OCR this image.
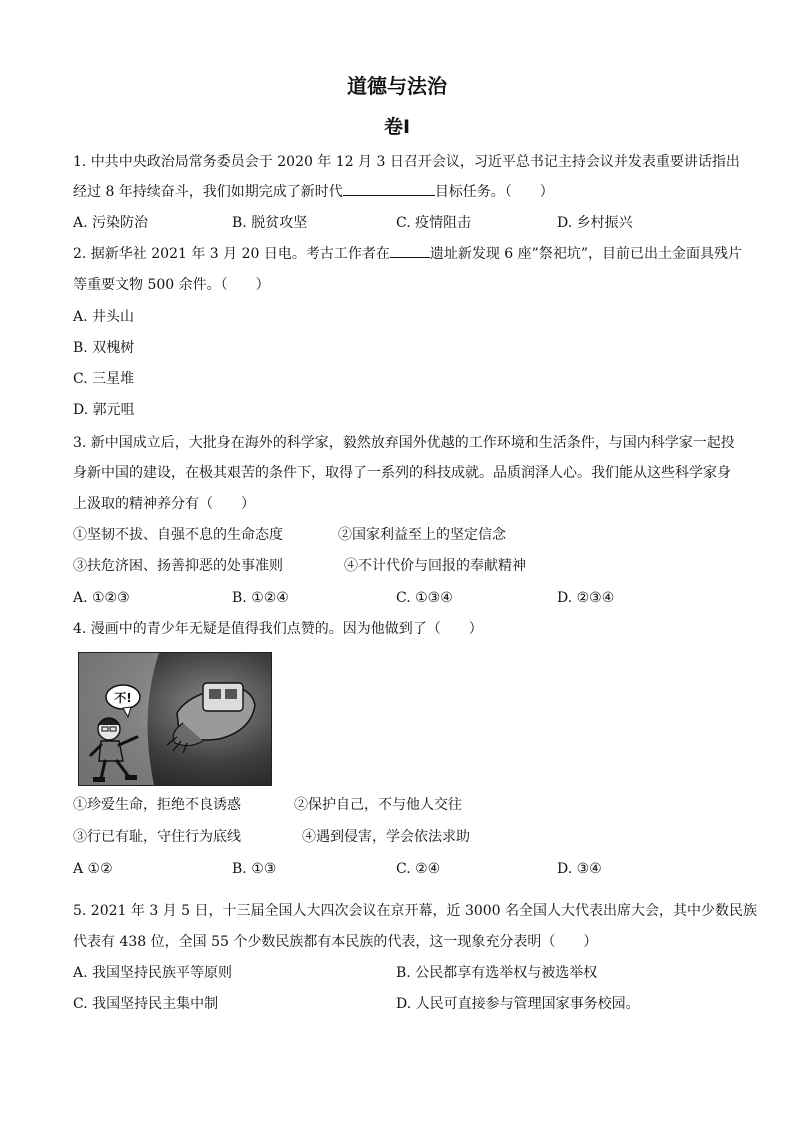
道德与法治
卷I
1. 中共中央政治局常务委员会于 2020 年 12 月 3 日召开会议，习近平总书记主持会议并发表重要讲话指出
经过 8 年持续奋斗，我们如期完成了新时代	目标任务。（　　）
A. 污染防治	B. 脱贫攻坚	C. 疫情阻击	D. 乡村振兴
2. 据新华社 2021 年 3 月 20 日电。考古工作者在	遗址新发现 6 座”祭祀坑”，目前已出土金面具残片
等重要文物 500 余件。（　　）
A. 井头山
B. 双槐树
C. 三星堆
D. 郭元咀
3. 新中国成立后，大批身在海外的科学家，毅然放弃国外优越的工作环境和生活条件，与国内科学家一起投
身新中国的建设，在极其艰苦的条件下，取得了一系列的科技成就。品质润泽人心。我们能从这些科学家身
上汲取的精神养分有（　　）
①坚韧不拔、自强不息的生命态度	②国家利益至上的坚定信念
③扶危济困、扬善抑恶的处事准则	④不计代价与回报的奉献精神
A. ①②③	B. ①②④	C. ①③④	D. ②③④
4. 漫画中的青少年无疑是值得我们点赞的。因为他做到了（　　）
不!
①珍爱生命，拒绝不良诱惑	②保护自己，不与他人交往
③行已有耻，守住行为底线	④遇到侵害，学会依法求助
A ①②	B. ①③	C. ②④	D. ③④
5. 2021 年 3 月 5 日，十三届全国人大四次会议在京开幕，近 3000 名全国人大代表出席大会，其中少数民族
代表有 438 位，全国 55 个少数民族都有本民族的代表，这一现象充分表明（　　）
A. 我国坚持民族平等原则	B. 公民都享有选举权与被选举权
C. 我国坚持民主集中制	D. 人民可直接参与管理国家事务校园。
